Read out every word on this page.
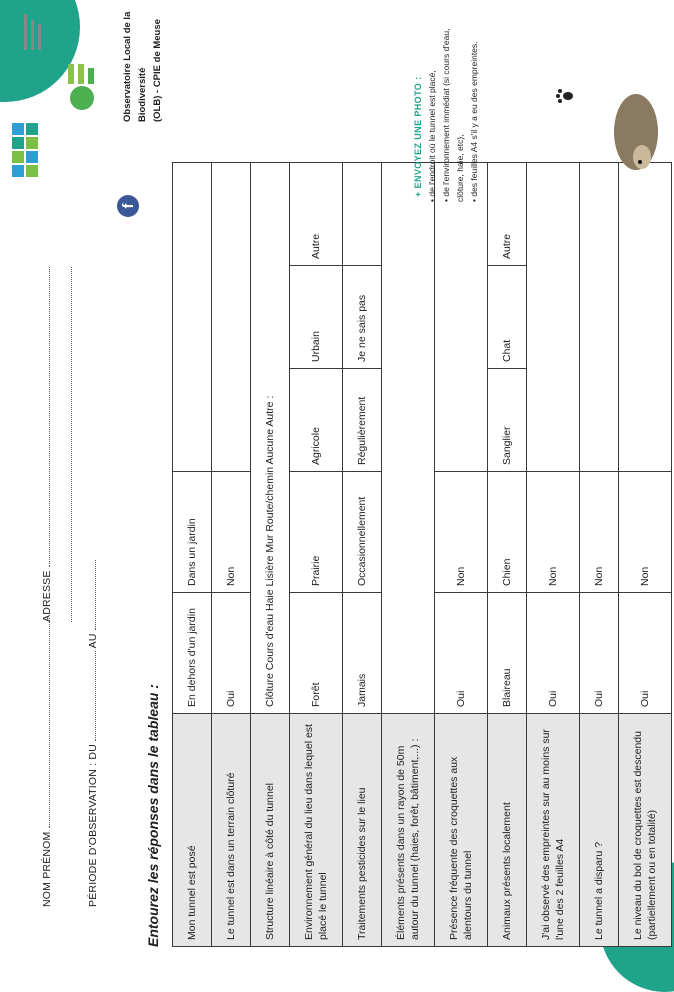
MEUSE
NOM PRÉNOM
ADRESSE
PÉRIODE D'OBSERVATION : DU  AU
Entourez les réponses dans le tableau : Mon tunnel est posé	En dehors d'un jardin	Dans un jardin			
Le tunnel est dans un terrain clôturé	Oui	Non			
Structure linéaire à côté du tunnel	Clôture Cours d'eau Haie Lisière Mur Route/chemin Aucune Autre :				
Environnement général du lieu dans lequel est placé le tunnel	Forêt	Prairie	Agricole	Urbain	Autre
Traitements pesticides sur le lieu	Jamais	Occasionnellement	Régulièrement	Je ne sais pas	
Éléments présents dans un rayon de 50m autour du tunnel (haies, forêt, bâtiment,...) :					
Présence fréquente des croquettes aux alentours du tunnel	Oui	Non			
Animaux présents localement	Blaireau	Chien	Sanglier	Chat	Autre
J'ai observé des empreintes sur au moins sur l'une des 2 feuilles A4	Oui	Non			
Le tunnel a disparu ?	Oui	Non			
Le niveau du bol de croquettes est descendu (partiellement ou en totalité)	Oui	Non			
f
Observatoire Local de la Biodiversité (OLB) - CPIE de Meuse
+ ENVOYEZ UNE PHOTO : • de l'endroit où le tunnel est placé, • de l'environnement immédiat (si cours d'eau, clôture, haie, etc), • des feuilles A4 s'il y a eu des empreintes.
